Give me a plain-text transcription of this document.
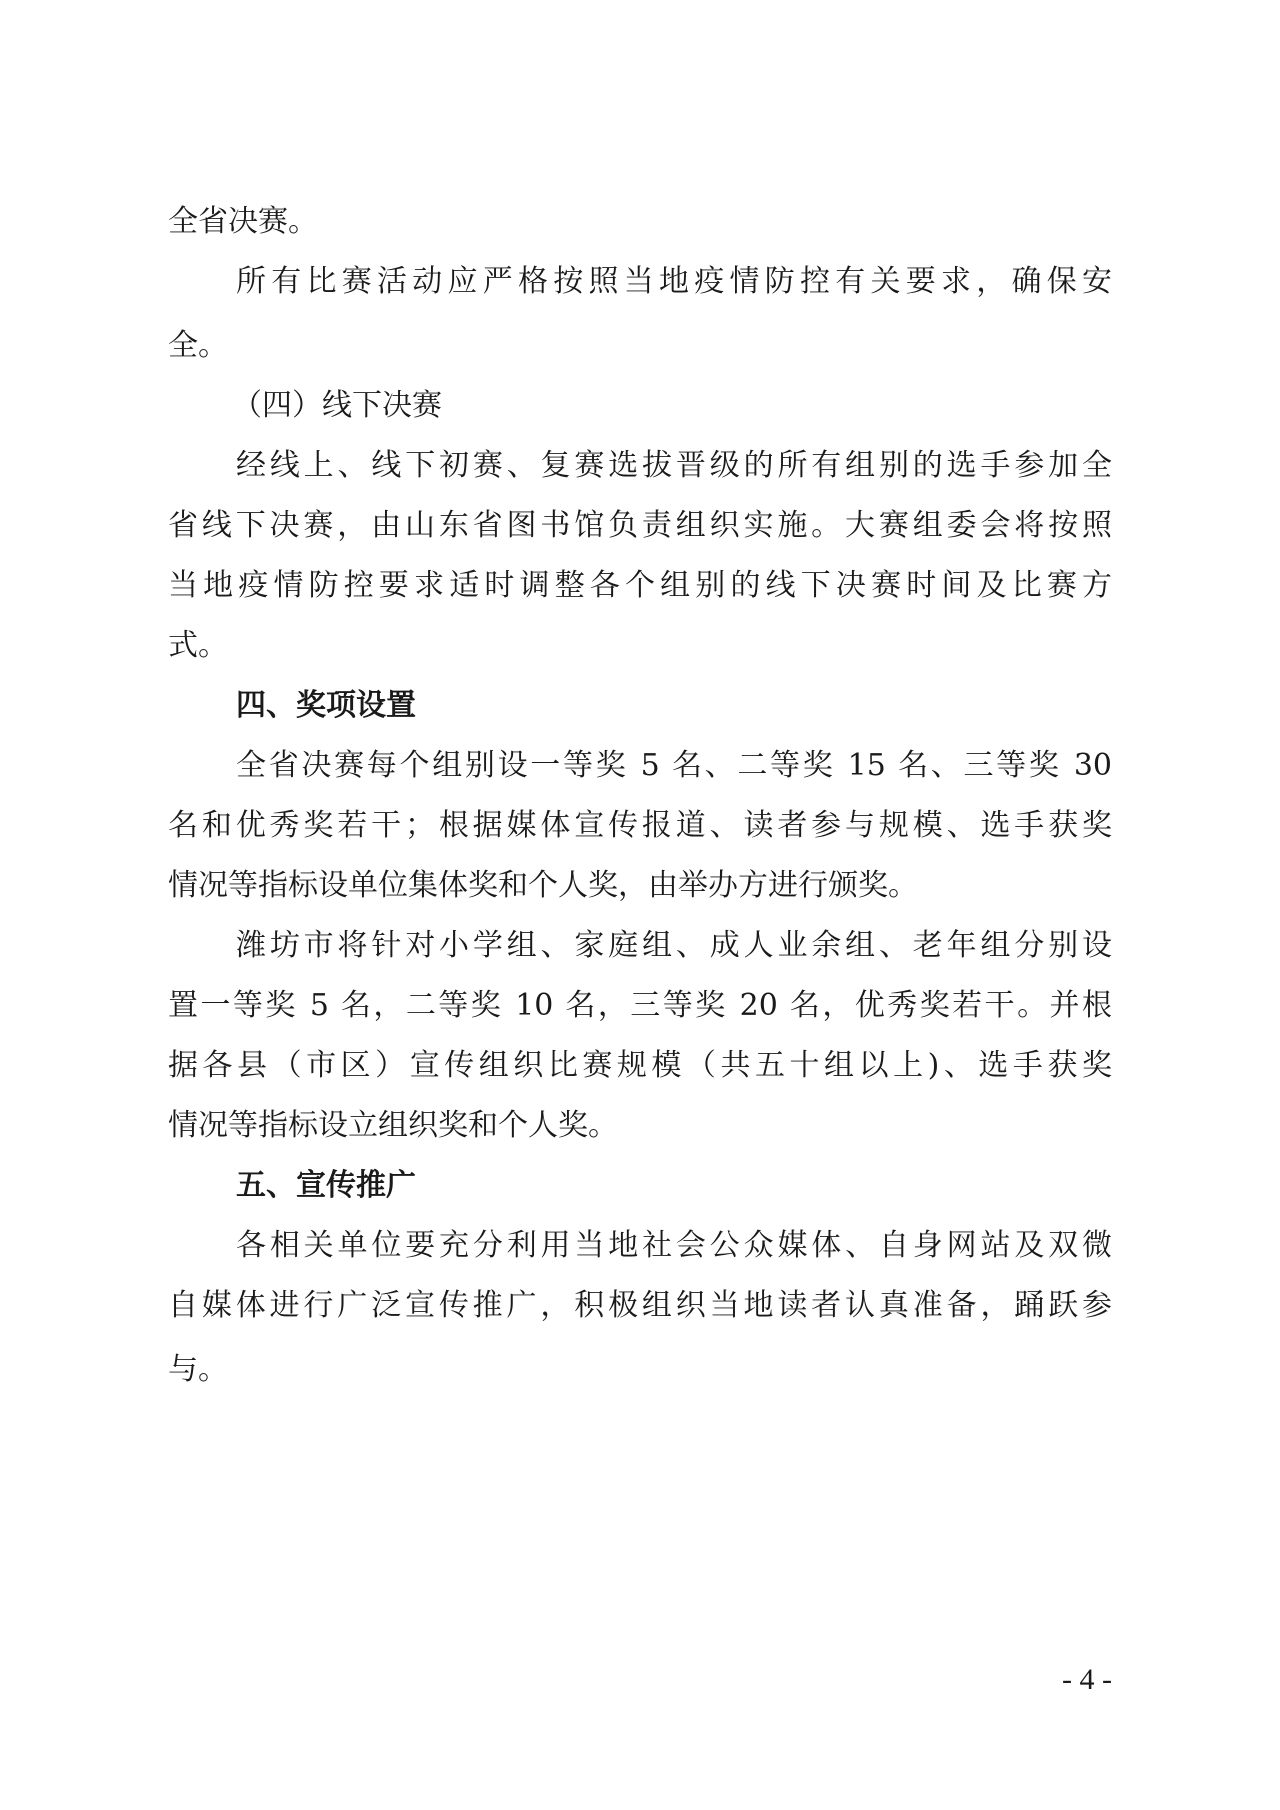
全省决赛。

所有比赛活动应严格按照当地疫情防控有关要求，确保安

全。

（四）线下决赛

经线上、线下初赛、复赛选拔晋级的所有组别的选手参加全

省线下决赛，由山东省图书馆负责组织实施。大赛组委会将按照

当地疫情防控要求适时调整各个组别的线下决赛时间及比赛方

式。

四、奖项设置

全省决赛每个组别设一等奖 5 名、二等奖 15 名、三等奖 30

名和优秀奖若干；根据媒体宣传报道、读者参与规模、选手获奖

情况等指标设单位集体奖和个人奖，由举办方进行颁奖。

潍坊市将针对小学组、家庭组、成人业余组、老年组分别设

置一等奖 5 名，二等奖 10 名，三等奖 20 名，优秀奖若干。并根

据各县（市区）宣传组织比赛规模（共五十组以上)、选手获奖

情况等指标设立组织奖和个人奖。

五、宣传推广

各相关单位要充分利用当地社会公众媒体、自身网站及双微

自媒体进行广泛宣传推广，积极组织当地读者认真准备，踊跃参

与。

- 4 -
